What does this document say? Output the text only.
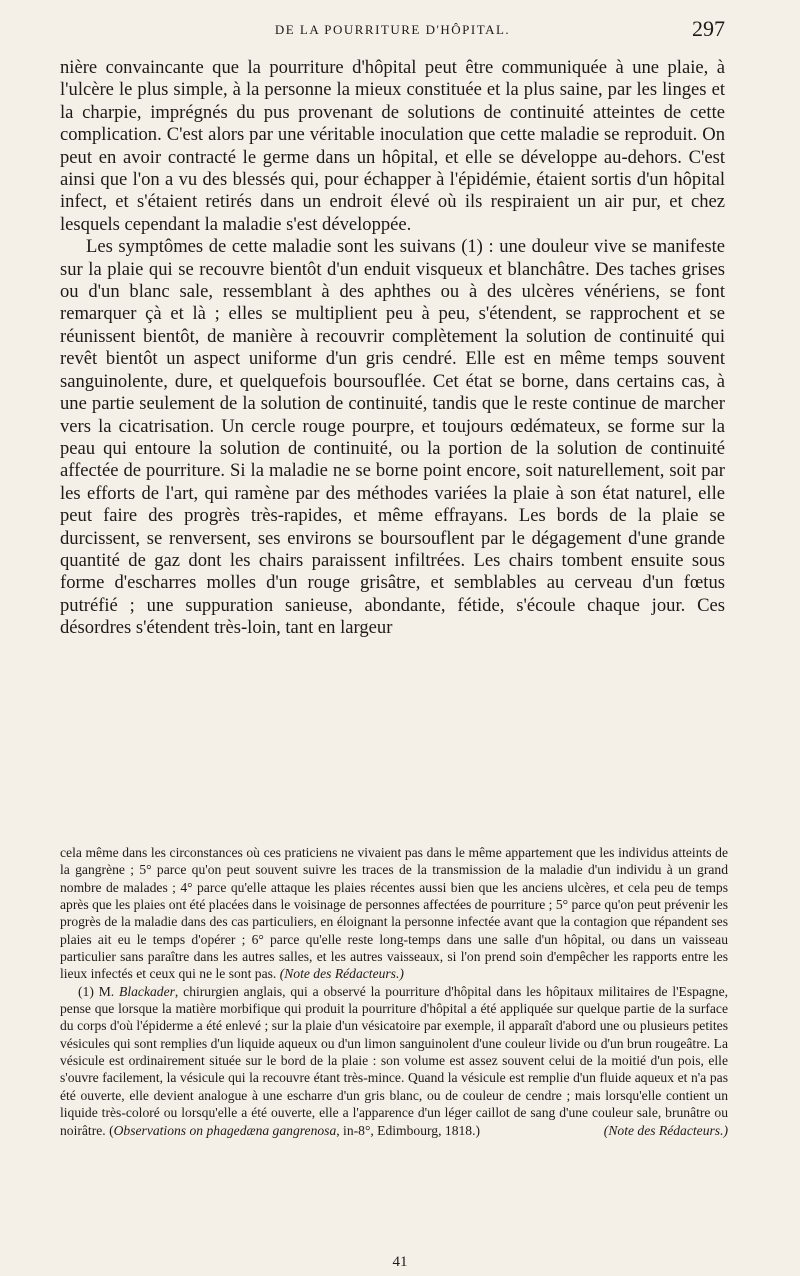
DE LA POURRITURE D'HÔPITAL.	297

nière convaincante que la pourriture d'hôpital peut être communiquée à une plaie, à l'ulcère le plus simple, à la personne la mieux constituée et la plus saine, par les linges et la charpie, imprégnés du pus provenant de solutions de continuité atteintes de cette complication. C'est alors par une véritable inoculation que cette maladie se reproduit. On peut en avoir contracté le germe dans un hôpital, et elle se développe au-dehors. C'est ainsi que l'on a vu des blessés qui, pour échapper à l'épidémie, étaient sortis d'un hôpital infect, et s'étaient retirés dans un endroit élevé où ils respiraient un air pur, et chez lesquels cependant la maladie s'est développée.

Les symptômes de cette maladie sont les suivans (1) : une douleur vive se manifeste sur la plaie qui se recouvre bientôt d'un enduit visqueux et blanchâtre. Des taches grises ou d'un blanc sale, ressemblant à des aphthes ou à des ulcères vénériens, se font remarquer çà et là ; elles se multiplient peu à peu, s'étendent, se rapprochent et se réunissent bientôt, de manière à recouvrir complètement la solution de continuité qui revêt bientôt un aspect uniforme d'un gris cendré. Elle est en même temps souvent sanguinolente, dure, et quelquefois boursouflée. Cet état se borne, dans certains cas, à une partie seulement de la solution de continuité, tandis que le reste continue de marcher vers la cicatrisation. Un cercle rouge pourpre, et toujours œdémateux, se forme sur la peau qui entoure la solution de continuité, ou la portion de la solution de continuité affectée de pourriture. Si la maladie ne se borne point encore, soit naturellement, soit par les efforts de l'art, qui ramène par des méthodes variées la plaie à son état naturel, elle peut faire des progrès très-rapides, et même effrayans. Les bords de la plaie se durcissent, se renversent, ses environs se boursouflent par le dégagement d'une grande quantité de gaz dont les chairs paraissent infiltrées. Les chairs tombent ensuite sous forme d'escharres molles d'un rouge grisâtre, et semblables au cerveau d'un fœtus putréfié ; une suppuration sanieuse, abondante, fétide, s'écoule chaque jour. Ces désordres s'étendent très-loin, tant en largeur

cela même dans les circonstances où ces praticiens ne vivaient pas dans le même appartement que les individus atteints de la gangrène ; 5° parce qu'on peut souvent suivre les traces de la transmission de la maladie d'un individu à un grand nombre de malades ; 4° parce qu'elle attaque les plaies récentes aussi bien que les anciens ulcères, et cela peu de temps après que les plaies ont été placées dans le voisinage de personnes affectées de pourriture ; 5° parce qu'on peut prévenir les progrès de la maladie dans des cas particuliers, en éloignant la personne infectée avant que la contagion que répandent ses plaies ait eu le temps d'opérer ; 6° parce qu'elle reste long-temps dans une salle d'un hôpital, ou dans un vaisseau particulier sans paraître dans les autres salles, et les autres vaisseaux, si l'on prend soin d'empêcher les rapports entre les lieux infectés et ceux qui ne le sont pas. (Note des Rédacteurs.)

(1) M. Blackader, chirurgien anglais, qui a observé la pourriture d'hôpital dans les hôpitaux militaires de l'Espagne, pense que lorsque la matière morbifique qui produit la pourriture d'hôpital a été appliquée sur quelque partie de la surface du corps d'où l'épiderme a été enlevé ; sur la plaie d'un vésicatoire par exemple, il apparaît d'abord une ou plusieurs petites vésicules qui sont remplies d'un liquide aqueux ou d'un limon sanguinolent d'une couleur livide ou d'un brun rougeâtre. La vésicule est ordinairement située sur le bord de la plaie : son volume est assez souvent celui de la moitié d'un pois, elle s'ouvre facilement, la vésicule qui la recouvre étant très-mince. Quand la vésicule est remplie d'un fluide aqueux et n'a pas été ouverte, elle devient analogue à une escharre d'un gris blanc, ou de couleur de cendre ; mais lorsqu'elle contient un liquide très-coloré ou lorsqu'elle a été ouverte, elle a l'apparence d'un léger caillot de sang d'une couleur sale, brunâtre ou noirâtre. (Observations on phagedæna gangrenosa, in-8°, Edimbourg, 1818.)	(Note des Rédacteurs.)

41
